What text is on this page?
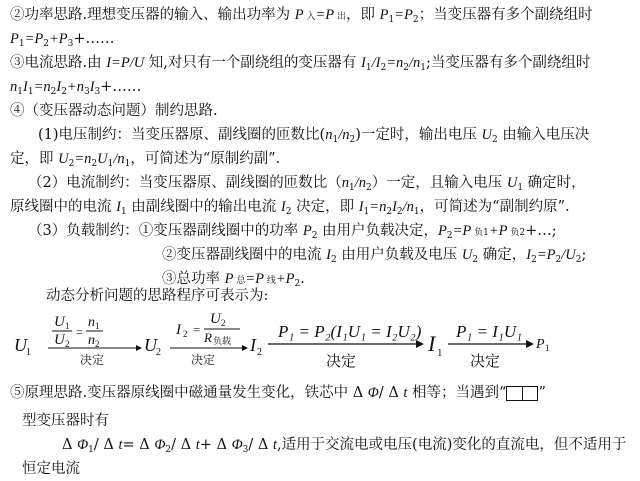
②功率思路.理想变压器的输入、输出功率为 P 入=P 出，即 $P_1=P_2$；当变压器有多个副绕组时
$P_1=P_2+P_3+\dots\dots$
③电流思路.由 I=P/U 知,对只有一个副绕组的变压器有 $I_1/I_2=n_2/n_1$;当变压器有多个副绕组时
$n_1I_1=n_2I_2+n_3I_3+\dots\dots$
④（变压器动态问题）制约思路.
(1)电压制约：当变压器原、副线圈的匝数比$(n_1/n_2)$一定时，输出电压 $U_2$ 由输入电压决
定，即 $U_2=n_2U_1/n_1$，可简述为“原制约副”.
（2）电流制约：当变压器原、副线圈的匝数比$(n_1/n_2)$一定，且输入电压 $U_1$ 确定时，
原线圈中的电流 $I_1$ 由副线圈中的输出电流 $I_2$ 决定，即 $I_1=n_2I_2/n_1$，可简述为“副制约原”.
（3）负载制约：①变压器副线圈中的功率 $P_2$ 由用户负载决定，$P_2=P$ 负1+P 负2+…;
②变压器副线圈中的电流 $I_2$ 由用户负载及电压 $U_2$ 确定，$I_2=P_2/U_2$;
③总功率 P 总=P 线$+P_2$.
动态分析问题的思路程序可表示为:
U 1
U 1
U 2
=
n 1
n 2
决定
U 2
I 2 =
U 2
R 负载
决定
I 2
P₁ = P₂(I₁U₁ = I₂U₂)
决定
I 1
P₁ = I₁U₁
决定
P 1
⑤原理思路.变压器原线圈中磁通量发生变化，铁芯中 Δ Φ/ Δ t 相等；当遇到“ ”
型变压器时有
Δ $\Phi_1/$ Δ t= Δ $\Phi_2/$ Δ t+ Δ $\Phi_3/$ Δ t,适用于交流电或电压(电流)变化的直流电，但不适用于
恒定电流
